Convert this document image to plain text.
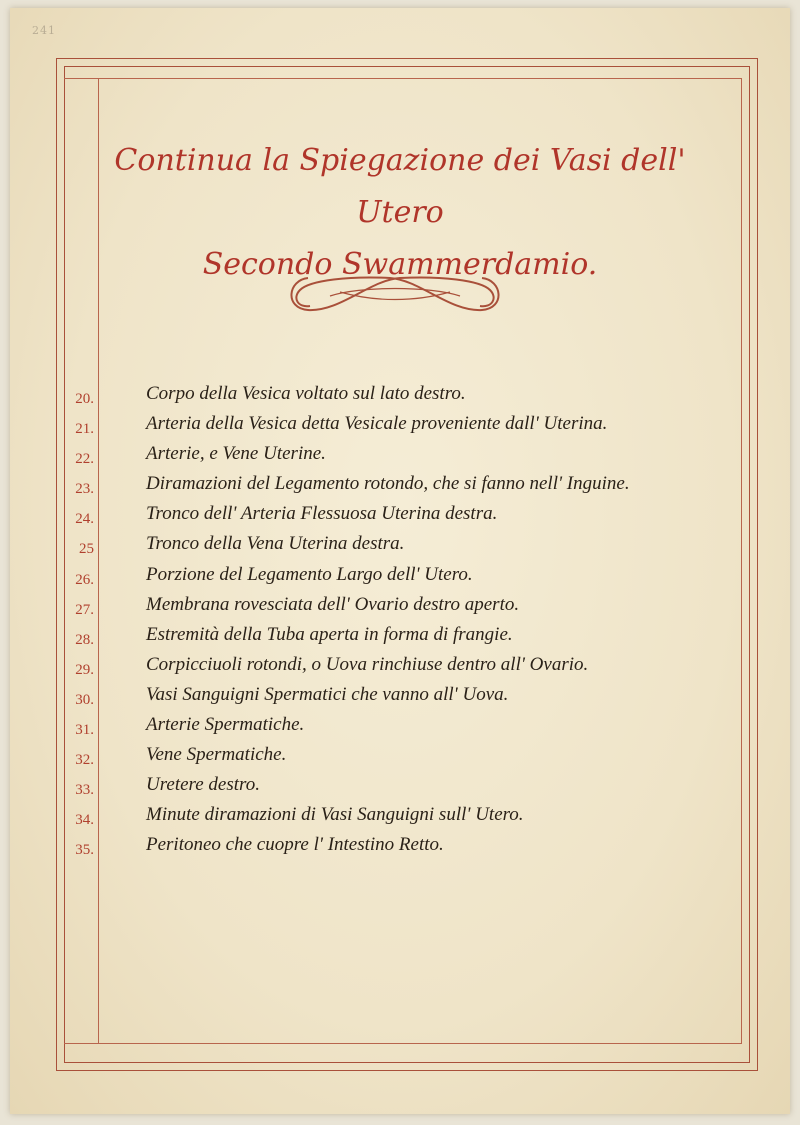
241
Continua la Spiegazione dei Vasi dell' Utero
Secondo Swammerdamio.
20.	Corpo della Vesica voltato sul lato destro.
21.	Arteria della Vesica detta Vesicale proveniente dall' Uterina.
22.	Arterie, e Vene Uterine.
23.	Diramazioni del Legamento rotondo, che si fanno nell' Inguine.
24.	Tronco dell' Arteria Flessuosa Uterina destra.
25	Tronco della Vena Uterina destra.
26.	Porzione del Legamento Largo dell' Utero.
27.	Membrana rovesciata dell' Ovario destro aperto.
28.	Estremità della Tuba aperta in forma di frangie.
29.	Corpicciuoli rotondi, o Uova rinchiuse dentro all' Ovario.
30.	Vasi Sanguigni Spermatici che vanno all' Uova.
31.	Arterie Spermatiche.
32.	Vene Spermatiche.
33.	Uretere destro.
34.	Minute diramazioni di Vasi Sanguigni sull' Utero.
35.	Peritoneo che cuopre l' Intestino Retto.
